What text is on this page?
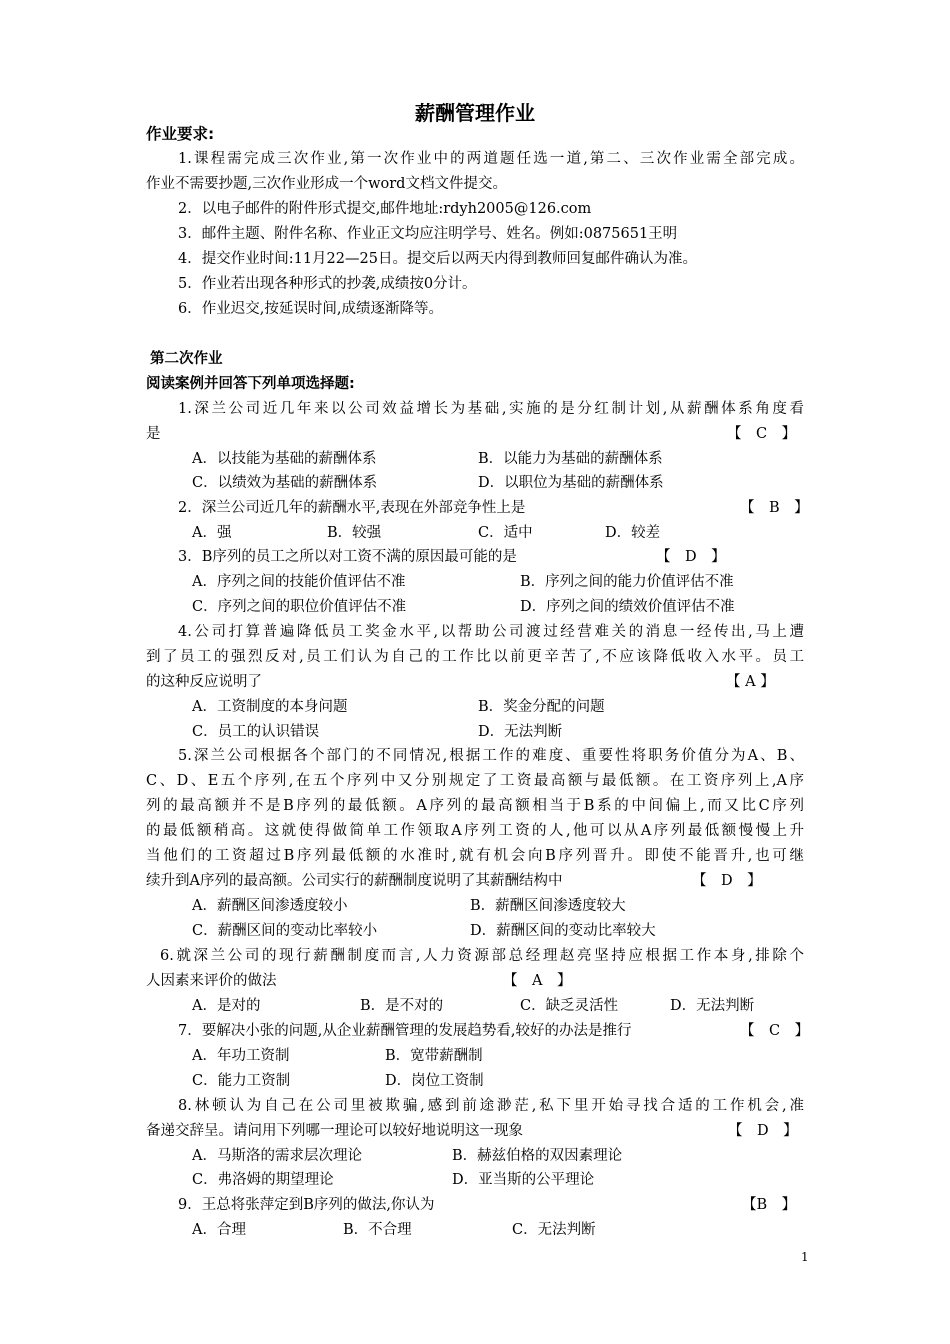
薪酬管理作业
作业要求:
1.课程需完成三次作业,第一次作业中的两道题任选一道,第二、三次作业需全部完成。
作业不需要抄题,三次作业形成一个word文档文件提交。
2．以电子邮件的附件形式提交,邮件地址:rdyh2005@126.com
3．邮件主题、附件名称、作业正文均应注明学号、姓名。例如:0875651王明
4．提交作业时间:11月22—25日。提交后以两天内得到教师回复邮件确认为准。
5．作业若出现各种形式的抄袭,成绩按0分计。
6．作业迟交,按延误时间,成绩逐渐降等。
第二次作业
阅读案例并回答下列单项选择题:
1.深兰公司近几年来以公司效益增长为基础,实施的是分红制计划,从薪酬体系角度看
是	【　C　】
A．以技能为基础的薪酬体系	B．以能力为基础的薪酬体系
C．以绩效为基础的薪酬体系	D．以职位为基础的薪酬体系
2．深兰公司近几年的薪酬水平,表现在外部竞争性上是	【　B　】
A．强	B．较强	C．适中	D．较差
3．B序列的员工之所以对工资不满的原因最可能的是	【　D　】
A．序列之间的技能价值评估不准	B．序列之间的能力价值评估不准
C．序列之间的职位价值评估不准	D．序列之间的绩效价值评估不准
4.公司打算普遍降低员工奖金水平,以帮助公司渡过经营难关的消息一经传出,马上遭
到了员工的强烈反对,员工们认为自己的工作比以前更辛苦了,不应该降低收入水平。员工
的这种反应说明了	【 A 】
A．工资制度的本身问题	B．奖金分配的问题
C．员工的认识错误	D．无法判断
5.深兰公司根据各个部门的不同情况,根据工作的难度、重要性将职务价值分为A、B、
C、D、E五个序列,在五个序列中又分别规定了工资最高额与最低额。在工资序列上,A序
列的最高额并不是B序列的最低额。A序列的最高额相当于B系的中间偏上,而又比C序列
的最低额稍高。这就使得做简单工作领取A序列工资的人,他可以从A序列最低额慢慢上升
当他们的工资超过B序列最低额的水准时,就有机会向B序列晋升。即使不能晋升,也可继
续升到A序列的最高额。公司实行的薪酬制度说明了其薪酬结构中	【　D　】
A．薪酬区间渗透度较小	B．薪酬区间渗透度较大
C．薪酬区间的变动比率较小	D．薪酬区间的变动比率较大
6.就深兰公司的现行薪酬制度而言,人力资源部总经理赵亮坚持应根据工作本身,排除个
人因素来评价的做法	【　A　】
A．是对的	B．是不对的	C．缺乏灵活性	D．无法判断
7．要解决小张的问题,从企业薪酬管理的发展趋势看,较好的办法是推行	【　C　】
A．年功工资制	B．宽带薪酬制
C．能力工资制	D．岗位工资制
8.林顿认为自己在公司里被欺骗,感到前途渺茫,私下里开始寻找合适的工作机会,准
备递交辞呈。请问用下列哪一理论可以较好地说明这一现象	【　D　】
A．马斯洛的需求层次理论	B．赫兹伯格的双因素理论
C．弗洛姆的期望理论	D．亚当斯的公平理论
9．王总将张萍定到B序列的做法,你认为	【B　】
A．合理	B．不合理	C．无法判断
1
